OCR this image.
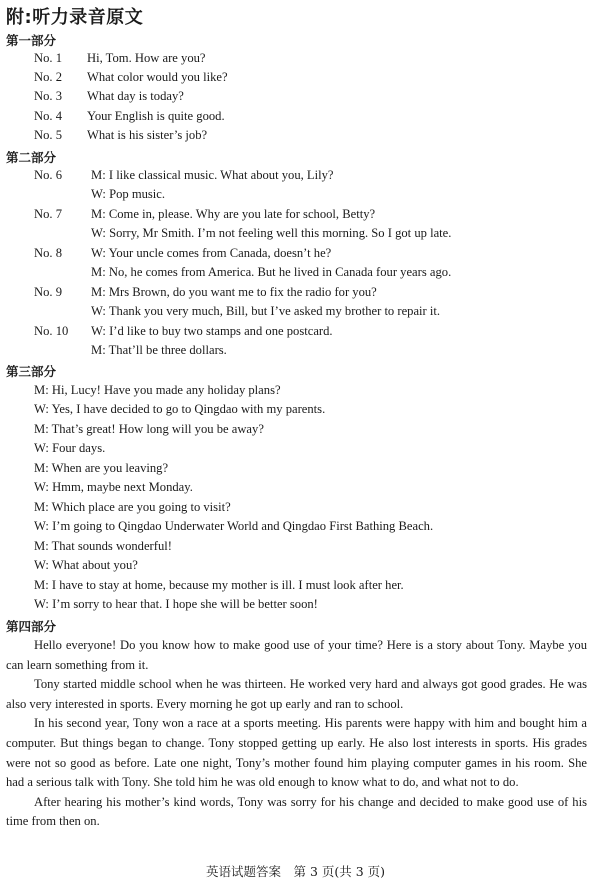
附:听力录音原文
第一部分
No. 1 Hi, Tom. How are you?
No. 2 What color would you like?
No. 3 What day is today?
No. 4 Your English is quite good.
No. 5 What is his sister’s job?
第二部分
No. 6 M: I like classical music. What about you, Lily?
W: Pop music.
No. 7 M: Come in, please. Why are you late for school, Betty?
W: Sorry, Mr Smith. I’m not feeling well this morning. So I got up late.
No. 8 W: Your uncle comes from Canada, doesn’t he?
M: No, he comes from America. But he lived in Canada four years ago.
No. 9 M: Mrs Brown, do you want me to fix the radio for you?
W: Thank you very much, Bill, but I’ve asked my brother to repair it.
No. 10 W: I’d like to buy two stamps and one postcard.
M: That’ll be three dollars.
第三部分
M: Hi, Lucy! Have you made any holiday plans?
W: Yes, I have decided to go to Qingdao with my parents.
M: That’s great! How long will you be away?
W: Four days.
M: When are you leaving?
W: Hmm, maybe next Monday.
M: Which place are you going to visit?
W: I’m going to Qingdao Underwater World and Qingdao First Bathing Beach.
M: That sounds wonderful!
W: What about you?
M: I have to stay at home, because my mother is ill. I must look after her.
W: I’m sorry to hear that. I hope she will be better soon!
第四部分

Hello everyone! Do you know how to make good use of your time? Here is a story about Tony. Maybe you can learn something from it.

Tony started middle school when he was thirteen. He worked very hard and always got good grades. He was also very interested in sports. Every morning he got up early and ran to school.

In his second year, Tony won a race at a sports meeting. His parents were happy with him and bought him a computer. But things began to change. Tony stopped getting up early. He also lost interests in sports. His grades were not so good as before. Late one night, Tony’s mother found him playing computer games in his room. She had a serious talk with Tony. She told him he was old enough to know what to do, and what not to do.

After hearing his mother’s kind words, Tony was sorry for his change and decided to make good use of his time from then on.

英语试题答案　第 3 页(共 3 页)
